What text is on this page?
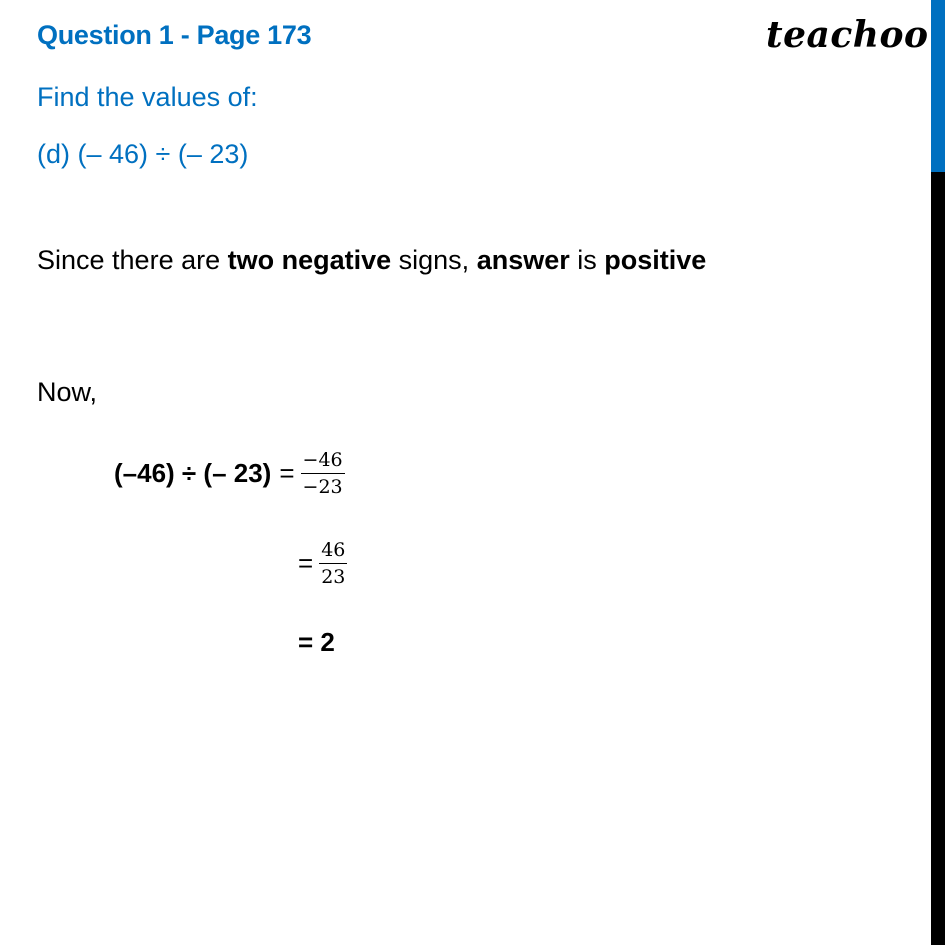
Question 1 - Page 173	teachoo
Find the values of:
(d) (– 46) ÷ (– 23)
Since there are two negative signs, answer is positive
Now,
(–46) ÷ (– $23) = \frac{-46}{-23}$
= $\frac{46}{23}$
= 2
